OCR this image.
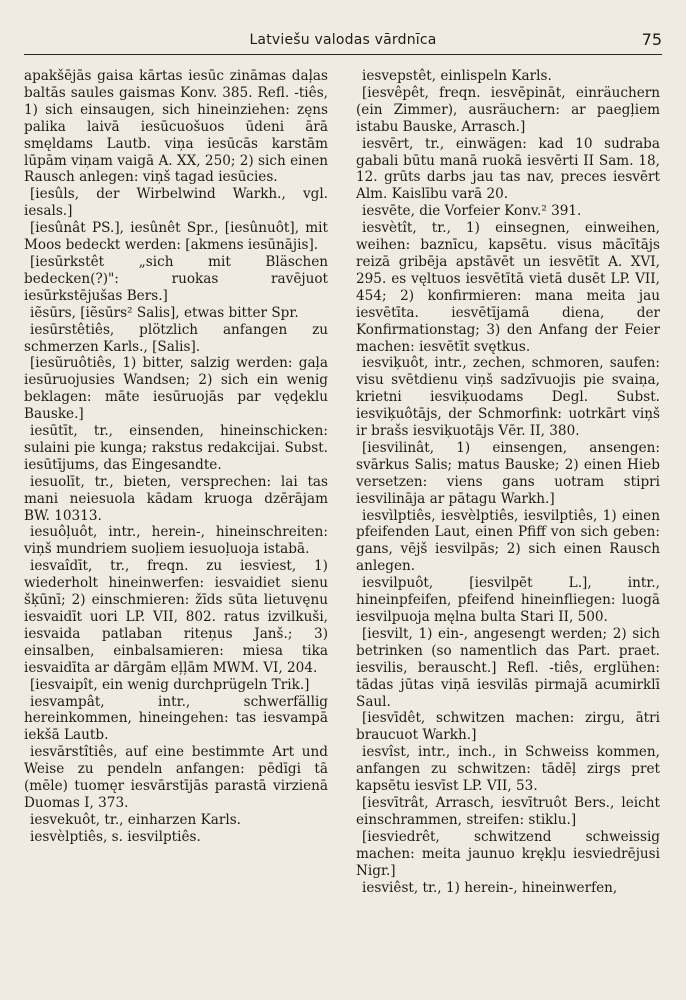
Latviešu valodas vārdnīca	75

apakšējās gaisa kārtas iesūc zināmas daļas baltās saules gaismas Konv. 385. Refl. -tiês, 1) sich einsaugen, sich hineinziehen: zęns palika laivā iesūcuošuos ūdeni ārā smęldams Lautb. viņa iesūcās karstām lūpām viņam vaigā A. XX, 250; 2) sich einen Rausch anlegen: viņš tagad iesūcies.

[iesûls, der Wirbelwind Warkh., vgl. iesals.]

[iesûnât PS.], iesûnêt Spr., [iesûnuôt], mit Moos bedeckt werden: [akmens iesūnājis].

[iesūrkstêt „sich mit Bläschen bedecken(?)": ruokas ravējuot iesūrkstējušas Bers.]

iẽsūrs, [iẽsūrs² Salis], etwas bitter Spr.

iesūrstêtiês, plötzlich anfangen zu schmerzen Karls., [Salis].

[iesũruôtiês, 1) bitter, salzig werden: gaļa iesūruojusies Wandsen; 2) sich ein wenig beklagen: māte iesūruojās par vęḑeklu Bauske.]

iesūtīt, tr., einsenden, hineinschicken: sulaini pie kunga; rakstus redakcijai. Subst. iesūtījums, das Eingesandte.

iesuolīt, tr., bieten, versprechen: lai tas mani neiesuola kādam kruoga dzērājam BW. 10313.

iesuôļuôt, intr., herein-, hineinschreiten: viņš mundriem suoļiem iesuoļuoja istabā.

iesvaîdīt, tr., freqn. zu iesviest, 1) wiederholt hineinwerfen: iesvaidiet sienu šķūnī; 2) einschmieren: žīds sūta lietuvęnu iesvaidīt uori LP. VII, 802. ratus izvilkuši, iesvaida patlaban riteņus Janš.; 3) einsalben, einbalsamieren: miesa tika iesvaidīta ar dārgām eļļām MWM. VI, 204.

[iesvaipît, ein wenig durchprügeln Trik.]

iesvampât, intr., schwerfällig hereinkommen, hineingehen: tas iesvampā iekšā Lautb.

iesvārstîtiês, auf eine bestimmte Art und Weise zu pendeln anfangen: pēdīgi tā (mēle) tuomęr iesvārstījās parastā virzienā Duomas I, 373.

iesvekuôt, tr., einharzen Karls.

iesvèlptiês, s. iesvilptiês.

iesvepstêt, einlispeln Karls.

[iesvêpêt, freqn. iesvēpināt, einräuchern (ein Zimmer), ausräuchern: ar paegļiem istabu Bauske, Arrasch.]

iesvērt, tr., einwägen: kad 10 sudraba gabali būtu manā ruokā iesvērti II Sam. 18, 12. grūts darbs jau tas nav, preces iesvērt Alm. Kaislību varā 20.

iesvēte, die Vorfeier Konv.² 391.

iesvètît, tr., 1) einsegnen, einweihen, weihen: baznīcu, kapsētu. visus mācītājs reizā gribēja apstāvēt un iesvētīt A. XVI, 295. es vęltuos iesvētītā vietā dusēt LP. VII, 454; 2) konfirmieren: mana meita jau iesvētīta. iesvētījamā diena, der Konfirmationstag; 3) den Anfang der Feier machen: iesvētīt svętkus.

iesviķuôt, intr., zechen, schmoren, saufen: visu svētdienu viņš sadzīvuojis pie svaiņa, krietni iesviķuodams Degl. Subst. iesviķuôtājs, der Schmorfink: uotrkārt viņš ir brašs iesviķuotājs Vēr. II, 380.

[iesvilinât, 1) einsengen, ansengen: svārkus Salis; matus Bauske; 2) einen Hieb versetzen: viens gans uotram stipri iesvilināja ar pātagu Warkh.]

iesvìlptiês, iesvèlptiês, iesvilptiês, 1) einen pfeifenden Laut, einen Pfiff von sich geben: gans, vējš iesvilpās; 2) sich einen Rausch anlegen.

iesvilpuôt, [iesvilpēt L.], intr., hineinpfeifen, pfeifend hineinfliegen: luogā iesvilpuoja męlna bulta Stari II, 500.

[iesvilt, 1) ein-, angesengt werden; 2) sich betrinken (so namentlich das Part. praet. iesvilis, berauscht.] Refl. -tiês, erglühen: tādas jūtas viņā iesvilās pirmajā acumirklī Saul.

[iesvīdêt, schwitzen machen: zirgu, ātri braucuot Warkh.]

iesvîst, intr., inch., in Schweiss kommen, anfangen zu schwitzen: tādēļ zirgs pret kapsētu iesvīst LP. VII, 53.

[iesvītrât, Arrasch, iesvītruôt Bers., leicht einschrammen, streifen: stiklu.]

[iesviedrêt, schwitzend schweissig machen: meita jaunuo krękļu iesviedrējusi Nigr.]

iesviêst, tr., 1) herein-, hineinwerfen,
